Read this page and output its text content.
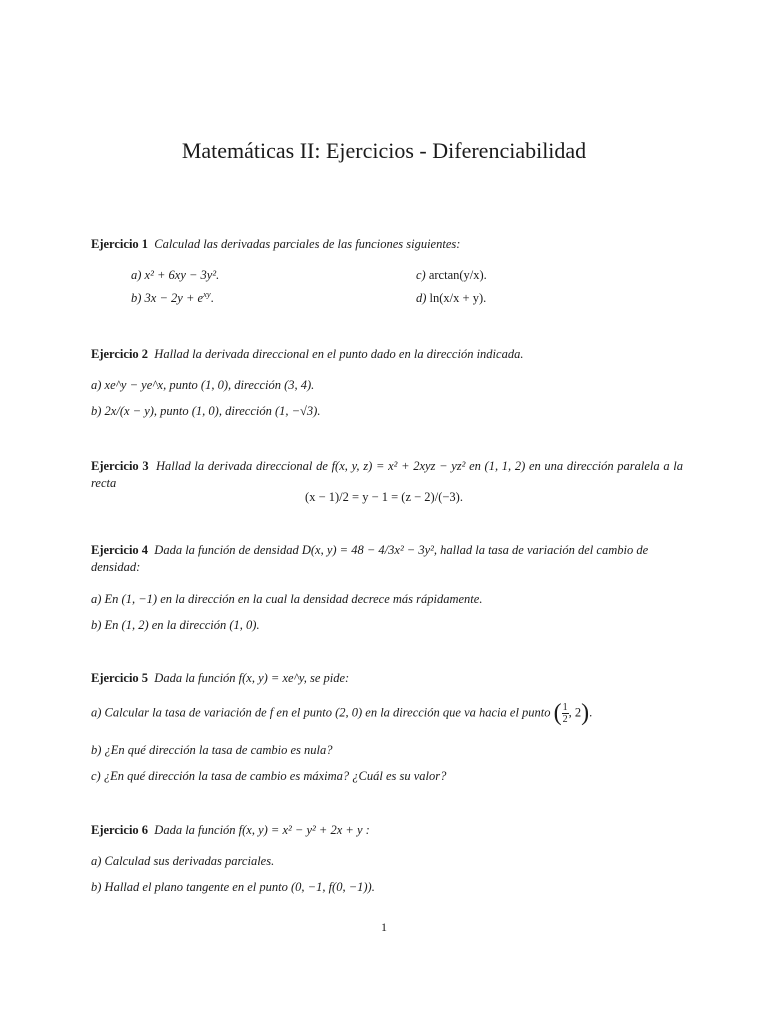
Matemáticas II: Ejercicios - Diferenciabilidad
Ejercicio 1 Calculad las derivadas parciales de las funciones siguientes:
a) x² + 6xy − 3y².
b) $3x - 2y + e^{xy}$.
c) arctan(y/x).
d) ln(x/x + y).
Ejercicio 2 Hallad la derivada direccional en el punto dado en la dirección indicada.
a) xe^y − ye^x, punto (1, 0), dirección (3, 4).
b) 2x/(x − y), punto (1, 0), dirección (1, −√3).
Ejercicio 3 Hallad la derivada direccional de f(x, y, z) = x² + 2xyz − yz² en (1, 1, 2) en una dirección paralela a la recta
(x − 1)/2 = y − 1 = (z − 2)/(−3).
Ejercicio 4 Dada la función de densidad D(x, y) = 48 − 4/3x² − 3y², hallad la tasa de variación del cambio de densidad:
a) En (1, −1) en la dirección en la cual la densidad decrece más rápidamente.
b) En (1, 2) en la dirección (1, 0).
Ejercicio 5 Dada la función f(x, y) = xe^y, se pide:
a) Calcular la tasa de variación de f en el punto (2, 0) en la dirección que va hacia el punto ( $\frac{1}{2}$ , 2).
b) ¿En qué dirección la tasa de cambio es nula?
c) ¿En qué dirección la tasa de cambio es máxima? ¿Cuál es su valor?
Ejercicio 6 Dada la función f(x, y) = x² − y² + 2x + y :
a) Calculad sus derivadas parciales.
b) Hallad el plano tangente en el punto (0, −1, f(0, −1)).
1
